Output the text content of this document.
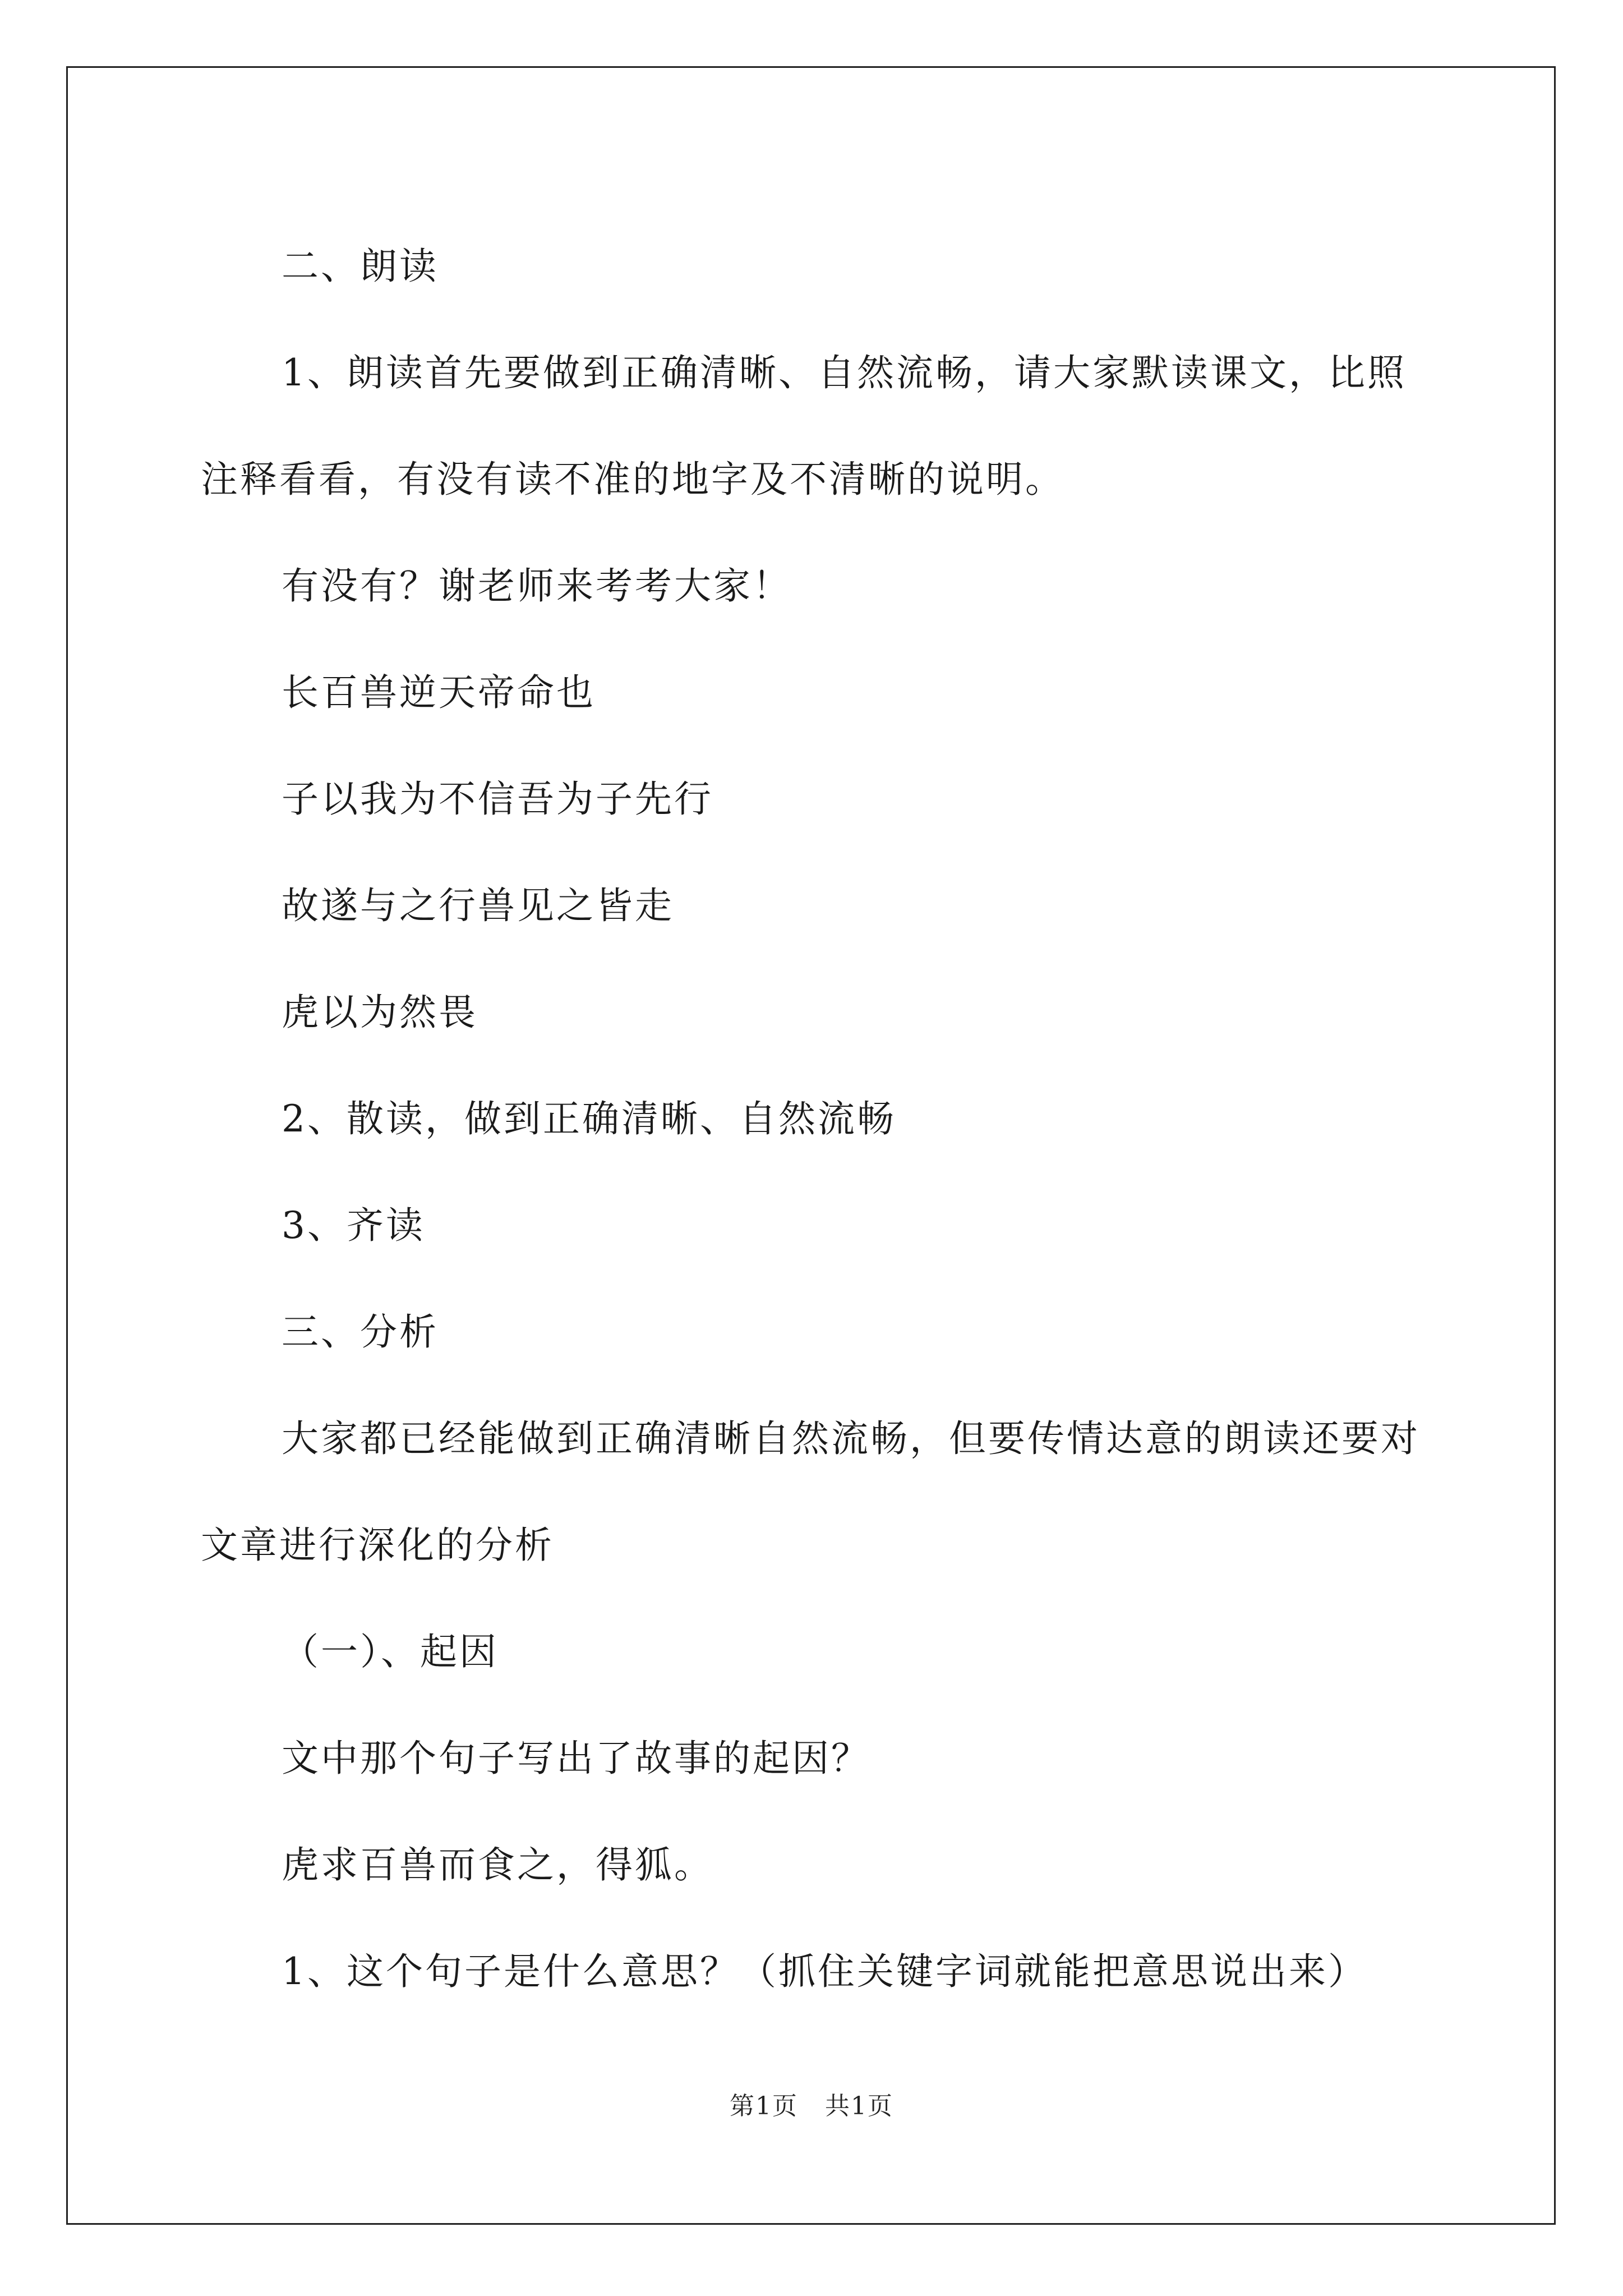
二、朗读

1、朗读首先要做到正确清晰、自然流畅，请大家默读课文，比照注释看看，有没有读不准的地字及不清晰的说明。

有没有？谢老师来考考大家！

长百兽逆天帝命也

子以我为不信吾为子先行

故遂与之行兽见之皆走

虎以为然畏

2、散读，做到正确清晰、自然流畅

3、齐读

三、分析

大家都已经能做到正确清晰自然流畅，但要传情达意的朗读还要对文章进行深化的分析

（一）、起因

文中那个句子写出了故事的起因？

虎求百兽而食之，得狐。

1、这个句子是什么意思？（抓住关键字词就能把意思说出来）

第1页 共1页
